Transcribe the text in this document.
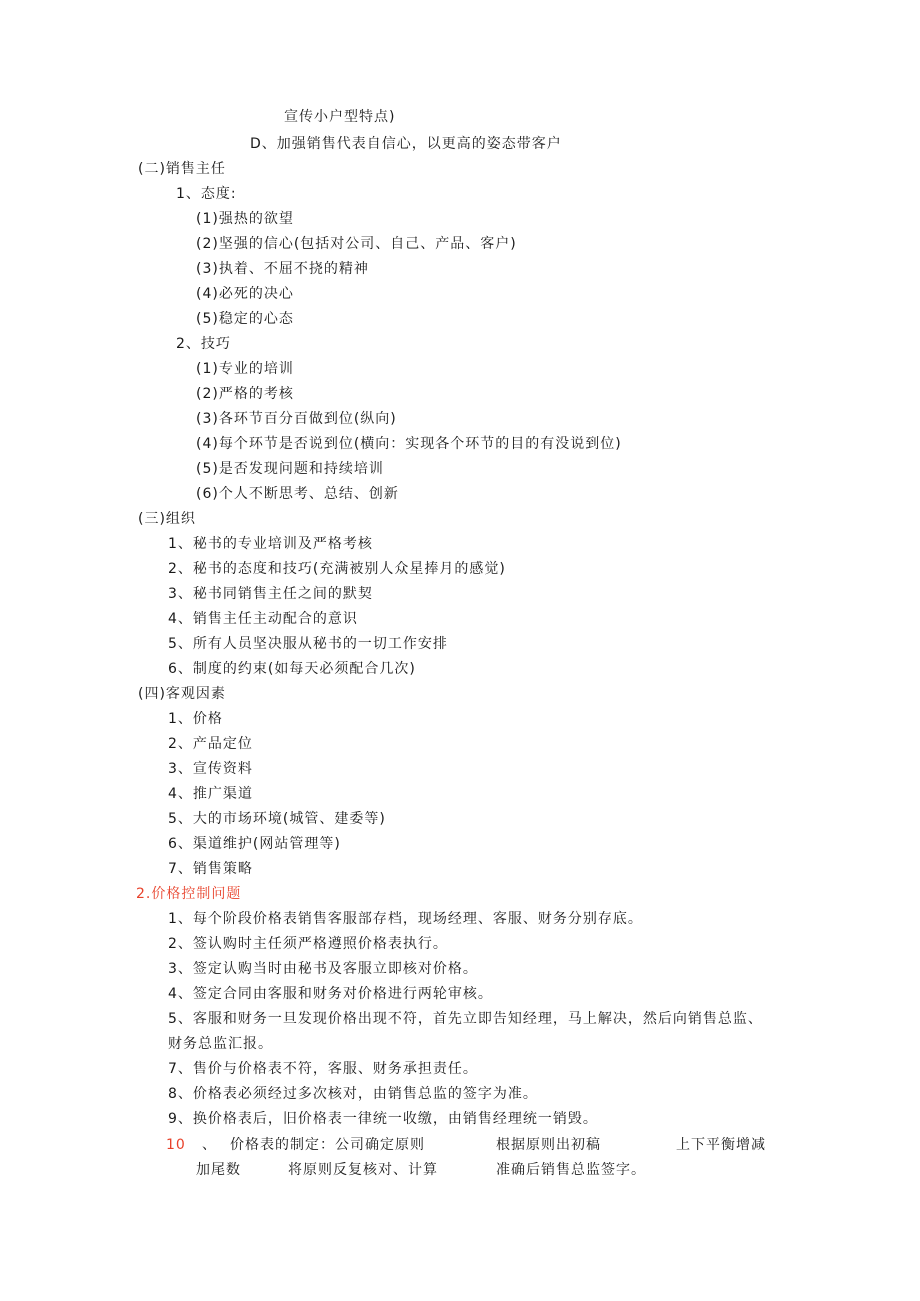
宣传小户型特点)
D、加强销售代表自信心，以更高的姿态带客户
(二)销售主任
1、态度:
(1)强热的欲望
(2)坚强的信心(包括对公司、自己、产品、客户)
(3)执着、不屈不挠的精神
(4)必死的决心
(5)稳定的心态
2、技巧
(1)专业的培训
(2)严格的考核
(3)各环节百分百做到位(纵向)
(4)每个环节是否说到位(横向：实现各个环节的目的有没说到位)
(5)是否发现问题和持续培训
(6)个人不断思考、总结、创新
(三)组织
1、秘书的专业培训及严格考核
2、秘书的态度和技巧(充满被别人众星捧月的感觉)
3、秘书同销售主任之间的默契
4、销售主任主动配合的意识
5、所有人员坚决服从秘书的一切工作安排
6、制度的约束(如每天必须配合几次)
(四)客观因素
1、价格
2、产品定位
3、宣传资料
4、推广渠道
5、大的市场环境(城管、建委等)
6、渠道维护(网站管理等)
7、销售策略
2.价格控制问题
1、每个阶段价格表销售客服部存档，现场经理、客服、财务分别存底。
2、签认购时主任须严格遵照价格表执行。
3、签定认购当时由秘书及客服立即核对价格。
4、签定合同由客服和财务对价格进行两轮审核。
5、客服和财务一旦发现价格出现不符，首先立即告知经理，马上解决，然后向销售总监、
财务总监汇报。
7、售价与价格表不符，客服、财务承担责任。
8、价格表必须经过多次核对，由销售总监的签字为准。
9、换价格表后，旧价格表一律统一收缴，由销售经理统一销毁。
10 、 价格表的制定：公司确定原则	根据原则出初稿	上下平衡增减
加尾数	将原则反复核对、计算	准确后销售总监签字。
